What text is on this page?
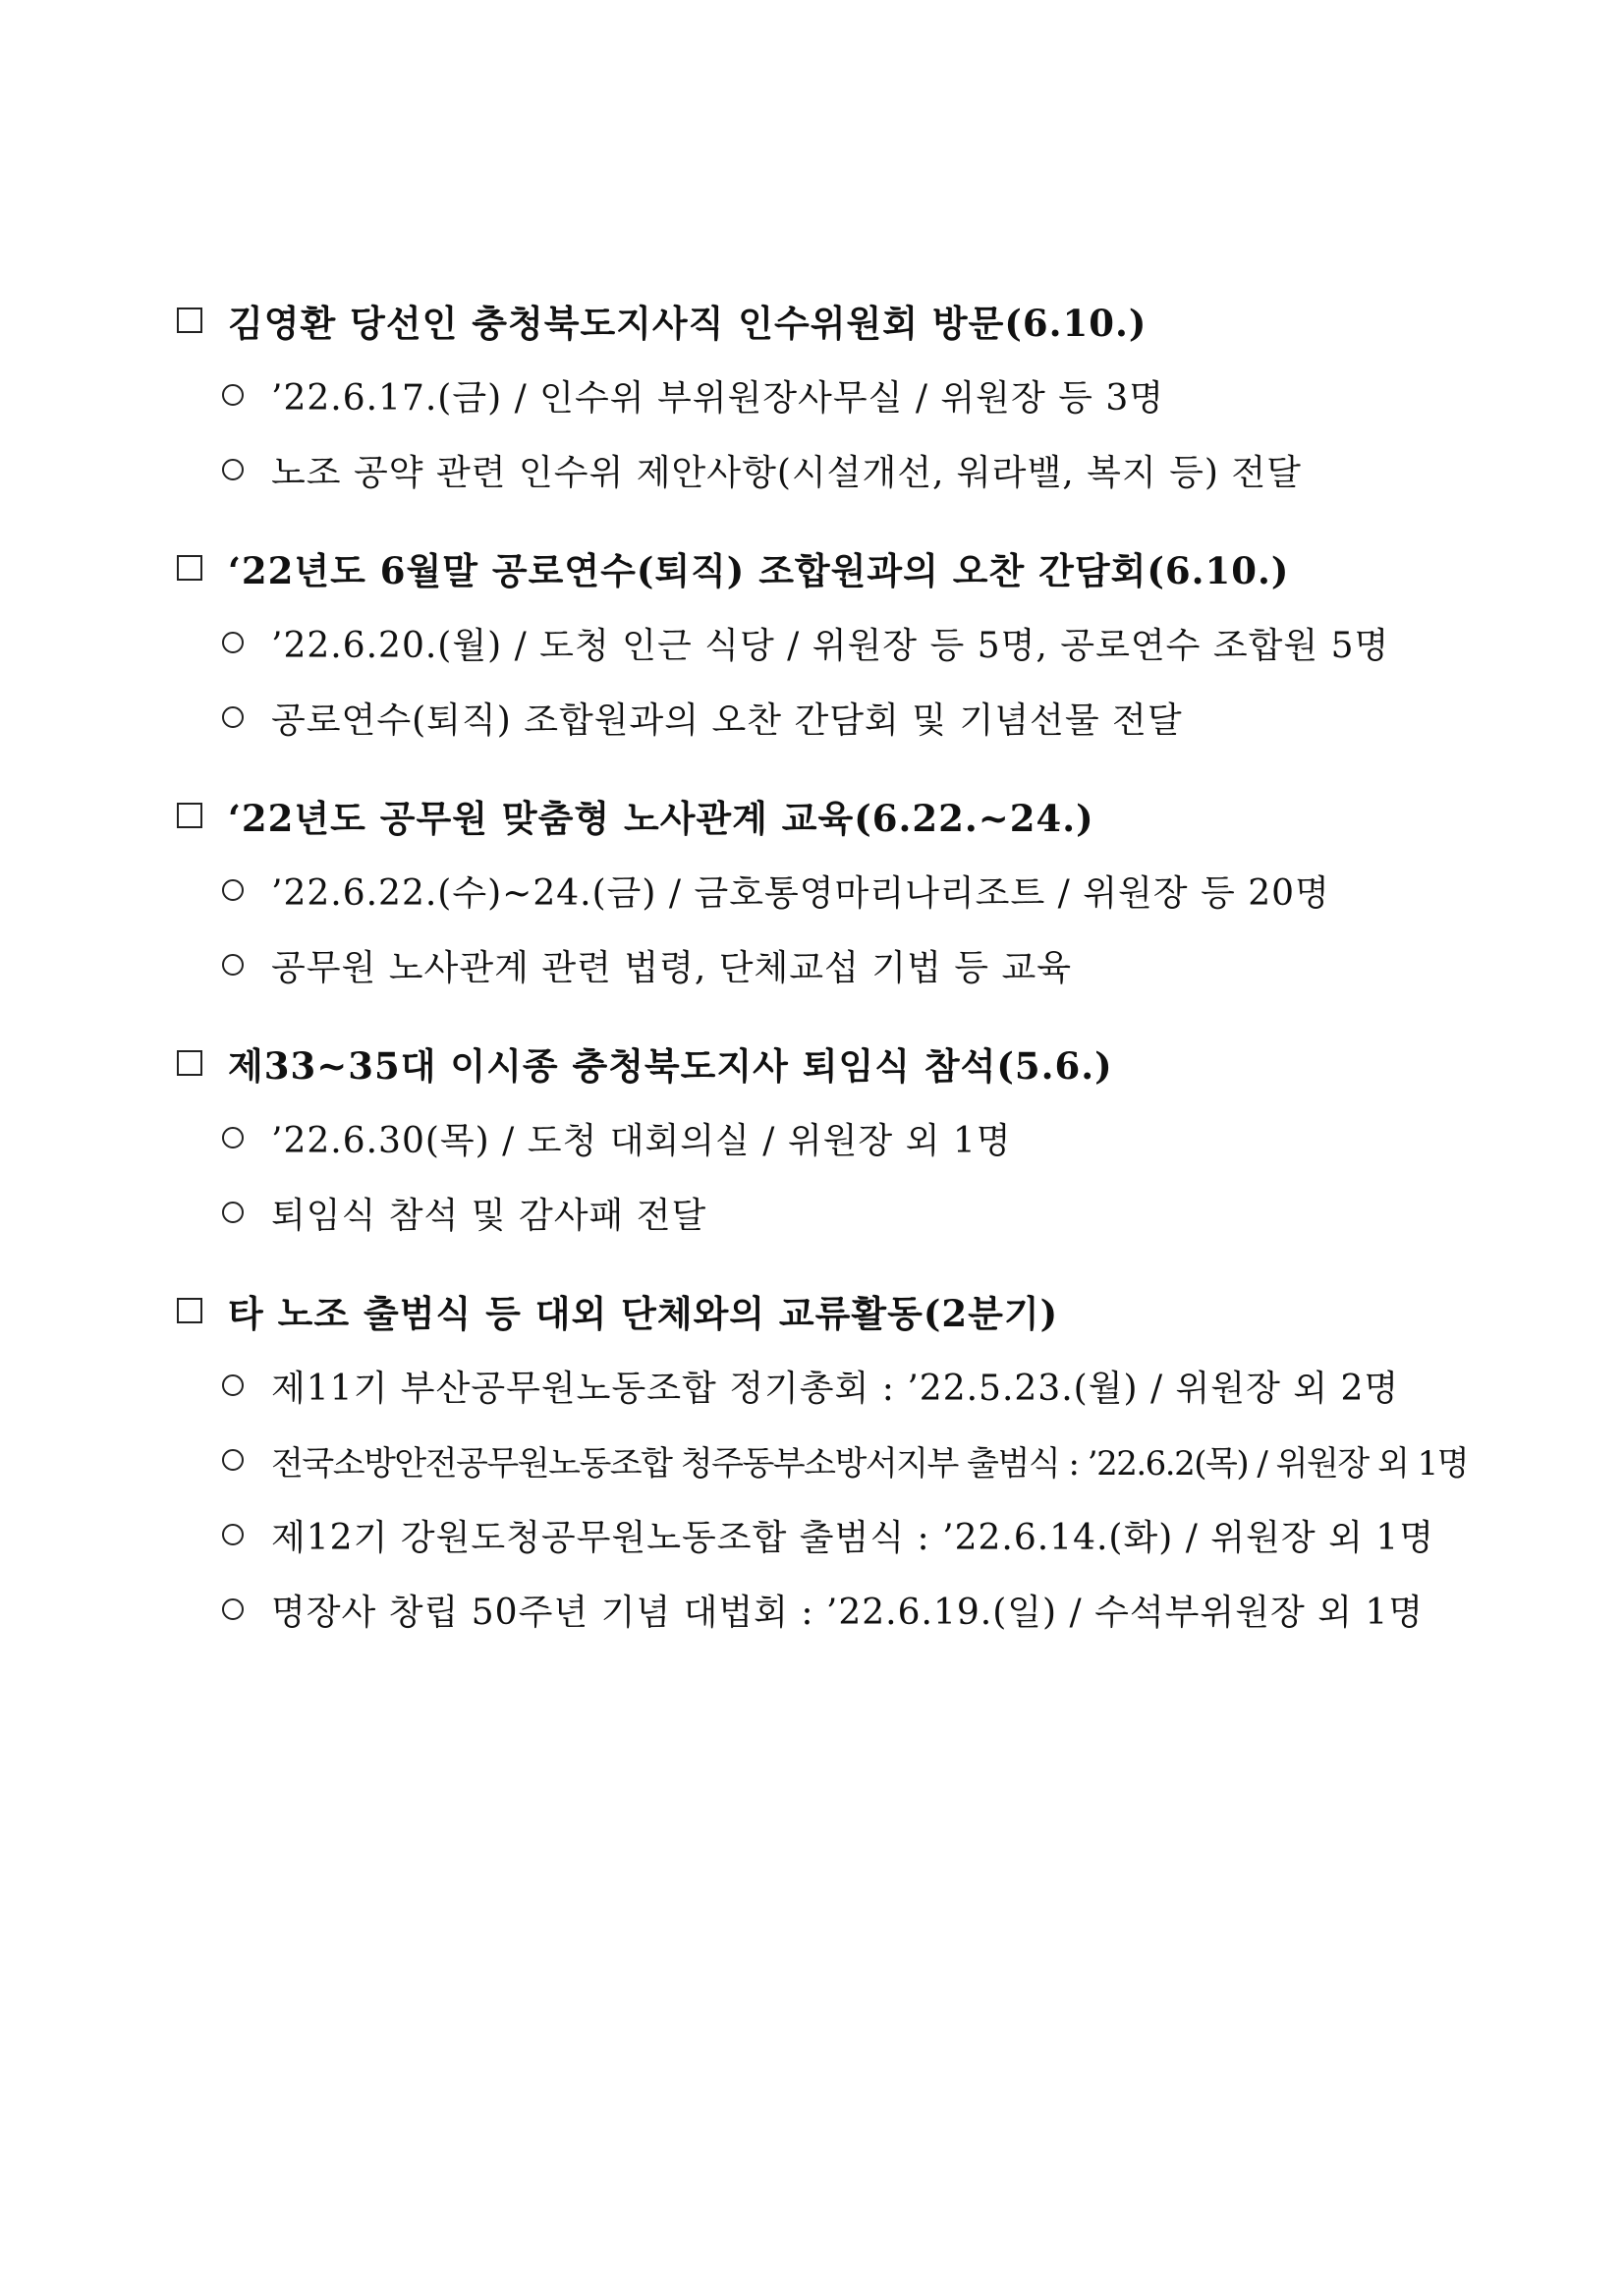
김영환 당선인 충청북도지사직 인수위원회 방문(6.10.)
’22.6.17.(금) / 인수위 부위원장사무실 / 위원장 등 3명
노조 공약 관련 인수위 제안사항(시설개선, 워라밸, 복지 등) 전달
‘22년도 6월말 공로연수(퇴직) 조합원과의 오찬 간담회(6.10.)
’22.6.20.(월) / 도청 인근 식당 / 위원장 등 5명, 공로연수 조합원 5명
공로연수(퇴직) 조합원과의 오찬 간담회 및 기념선물 전달
‘22년도 공무원 맞춤형 노사관계 교육(6.22.~24.)
’22.6.22.(수)~24.(금) / 금호통영마리나리조트 / 위원장 등 20명
공무원 노사관계 관련 법령, 단체교섭 기법 등 교육
제33~35대 이시종 충청북도지사 퇴임식 참석(5.6.)
’22.6.30(목) / 도청 대회의실 / 위원장 외 1명
퇴임식 참석 및 감사패 전달
타 노조 출범식 등 대외 단체와의 교류활동(2분기)
제11기 부산공무원노동조합 정기총회 : ’22.5.23.(월) / 위원장 외 2명
전국소방안전공무원노동조합 청주동부소방서지부 출범식 : ’22.6.2(목) / 위원장 외 1명
제12기 강원도청공무원노동조합 출범식 : ’22.6.14.(화) / 위원장 외 1명
명장사 창립 50주년 기념 대법회 : ’22.6.19.(일) / 수석부위원장 외 1명
